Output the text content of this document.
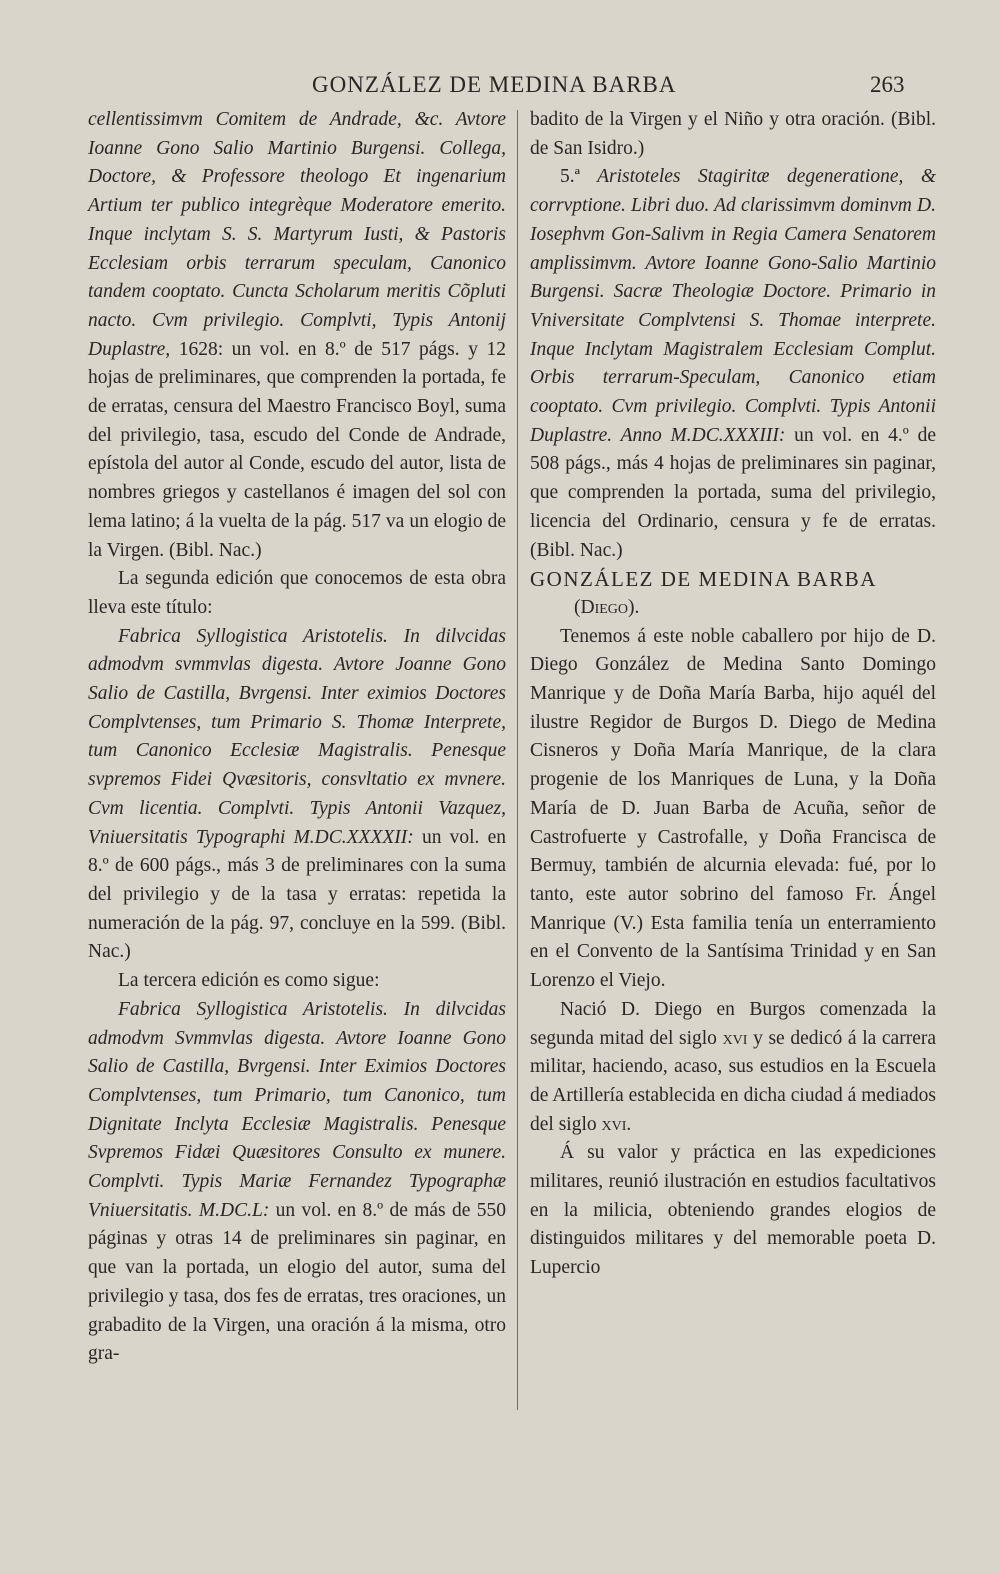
GONZÁLEZ DE MEDINA BARBA	263

cellentissimvm Comitem de Andrade, &c. Avtore Ioanne Gono Salio Martinio Burgensi. Collega, Doctore, & Professore theologo Et ingenarium Artium ter publico integrèque Moderatore emerito. Inque inclytam S. S. Martyrum Iusti, & Pastoris Ecclesiam orbis terrarum speculam, Canonico tandem cooptato. Cuncta Scholarum meritis Cõpluti nacto. Cvm privilegio. Complvti, Typis Antonij Duplastre, 1628: un vol. en 8.º de 517 págs. y 12 hojas de preliminares, que comprenden la portada, fe de erratas, censura del Maestro Francisco Boyl, suma del privilegio, tasa, escudo del Conde de Andrade, epístola del autor al Conde, escudo del autor, lista de nombres griegos y castellanos é imagen del sol con lema latino; á la vuelta de la pág. 517 va un elogio de la Virgen. (Bibl. Nac.)

La segunda edición que conocemos de esta obra lleva este título:

Fabrica Syllogistica Aristotelis. In dilvcidas admodvm svmmvlas digesta. Avtore Joanne Gono Salio de Castilla, Bvrgensi. Inter eximios Doctores Complvtenses, tum Primario S. Thomæ Interprete, tum Canonico Ecclesiæ Magistralis. Penesque svpremos Fidei Qvæsitoris, consvltatio ex mvnere. Cvm licentia. Complvti. Typis Antonii Vazquez, Vniuersitatis Typographi M.DC.XXXXII: un vol. en 8.º de 600 págs., más 3 de preliminares con la suma del privilegio y de la tasa y erratas: repetida la numeración de la pág. 97, concluye en la 599. (Bibl. Nac.)

La tercera edición es como sigue:

Fabrica Syllogistica Aristotelis. In dilvcidas admodvm Svmmvlas digesta. Avtore Ioanne Gono Salio de Castilla, Bvrgensi. Inter Eximios Doctores Complvtenses, tum Primario, tum Canonico, tum Dignitate Inclyta Ecclesiæ Magistralis. Penesque Svpremos Fidæi Quæsitores Consulto ex munere. Complvti. Typis Mariæ Fernandez Typographæ Vniuersitatis. M.DC.L: un vol. en 8.º de más de 550 páginas y otras 14 de preliminares sin paginar, en que van la portada, un elogio del autor, suma del privilegio y tasa, dos fes de erratas, tres oraciones, un grabadito de la Virgen, una oración á la misma, otro gra-

badito de la Virgen y el Niño y otra oración. (Bibl. de San Isidro.)

5.ª Aristoteles Stagiritæ degeneratione, & corrvptione. Libri duo. Ad clarissimvm dominvm D. Iosephvm Gon-Salivm in Regia Camera Senatorem amplissimvm. Avtore Ioanne Gono-Salio Martinio Burgensi. Sacræ Theologiæ Doctore. Primario in Vniversitate Complvtensi S. Thomae interprete. Inque Inclytam Magistralem Ecclesiam Complut. Orbis terrarum-Speculam, Canonico etiam cooptato. Cvm privilegio. Complvti. Typis Antonii Duplastre. Anno M.DC.XXXIII: un vol. en 4.º de 508 págs., más 4 hojas de preliminares sin paginar, que comprenden la portada, suma del privilegio, licencia del Ordinario, censura y fe de erratas. (Bibl. Nac.)

GONZÁLEZ DE MEDINA BARBA

(Diego).

Tenemos á este noble caballero por hijo de D. Diego González de Medina Santo Domingo Manrique y de Doña María Barba, hijo aquél del ilustre Regidor de Burgos D. Diego de Medina Cisneros y Doña María Manrique, de la clara progenie de los Manriques de Luna, y la Doña María de D. Juan Barba de Acuña, señor de Castrofuerte y Castrofalle, y Doña Francisca de Bermuy, también de alcurnia elevada: fué, por lo tanto, este autor sobrino del famoso Fr. Ángel Manrique (V.) Esta familia tenía un enterramiento en el Convento de la Santísima Trinidad y en San Lorenzo el Viejo.

Nació D. Diego en Burgos comenzada la segunda mitad del siglo xvi y se dedicó á la carrera militar, haciendo, acaso, sus estudios en la Escuela de Artillería establecida en dicha ciudad á mediados del siglo xvi.

Á su valor y práctica en las expediciones militares, reunió ilustración en estudios facultativos en la milicia, obteniendo grandes elogios de distinguidos militares y del memorable poeta D. Lupercio
